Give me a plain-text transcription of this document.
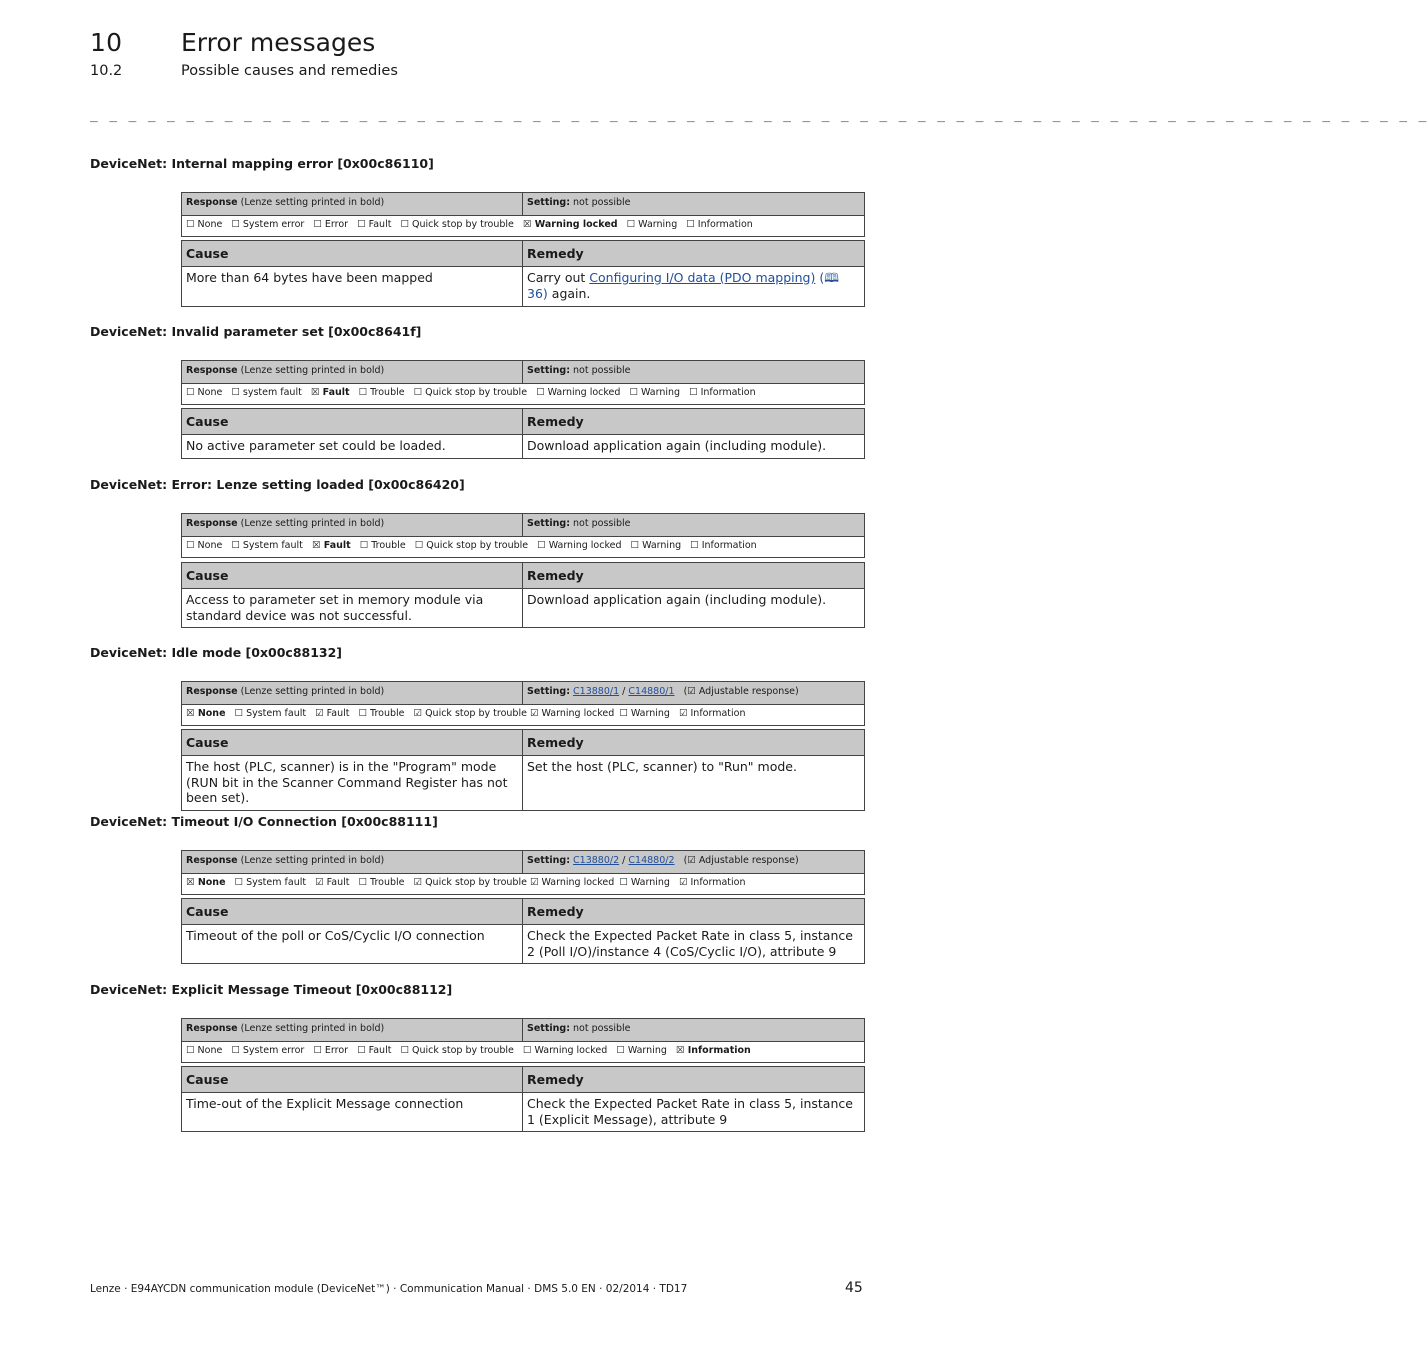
10 Error messages
10.2	Possible causes and remedies
_ _ _ _ _ _ _ _ _ _ _ _ _ _ _ _ _ _ _ _ _ _ _ _ _ _ _ _ _ _ _ _ _ _ _ _ _ _ _ _ _ _ _ _ _ _ _ _ _ _ _ _ _ _ _ _ _ _ _ _ _ _ _ _ _ _ _ _ _ _
DeviceNet: Internal mapping error [0x00c86110]
Response (Lenze setting printed in bold)	Setting: not possible
☐ None ☐ System error ☐ Error ☐ Fault ☐ Quick stop by trouble ☒ Warning locked ☐ Warning ☐ Information
Cause	Remedy
More than 64 bytes have been mapped	Carry out Configuring I/O data (PDO mapping) (🕮 36) again.
DeviceNet: Invalid parameter set [0x00c8641f]
Response (Lenze setting printed in bold)	Setting: not possible
☐ None ☐ system fault ☒ Fault ☐ Trouble ☐ Quick stop by trouble ☐ Warning locked ☐ Warning ☐ Information
Cause	Remedy
No active parameter set could be loaded.	Download application again (including module).
DeviceNet: Error: Lenze setting loaded [0x00c86420]
Response (Lenze setting printed in bold)	Setting: not possible
☐ None ☐ System fault ☒ Fault ☐ Trouble ☐ Quick stop by trouble ☐ Warning locked ☐ Warning ☐ Information
Cause	Remedy
Access to parameter set in memory module via standard device was not successful.	Download application again (including module).
DeviceNet: Idle mode [0x00c88132]
Response (Lenze setting printed in bold)	Setting: C13880/1 / C14880/1 (☑ Adjustable response)
☒ None ☐ System fault ☑ Fault ☐ Trouble ☑ Quick stop by trouble ☑ Warning locked ☐ Warning ☑ Information
Cause	Remedy
The host (PLC, scanner) is in the "Program" mode (RUN bit in the Scanner Command Register has not been set).	Set the host (PLC, scanner) to "Run" mode.
DeviceNet: Timeout I/O Connection [0x00c88111]
Response (Lenze setting printed in bold)	Setting: C13880/2 / C14880/2 (☑ Adjustable response)
☒ None ☐ System fault ☑ Fault ☐ Trouble ☑ Quick stop by trouble ☑ Warning locked ☐ Warning ☑ Information
Cause	Remedy
Timeout of the poll or CoS/Cyclic I/O connection	Check the Expected Packet Rate in class 5, instance 2 (Poll I/O)/instance 4 (CoS/Cyclic I/O), attribute 9
DeviceNet: Explicit Message Timeout [0x00c88112]
Response (Lenze setting printed in bold)	Setting: not possible
☐ None ☐ System error ☐ Error ☐ Fault ☐ Quick stop by trouble ☐ Warning locked ☐ Warning ☒ Information
Cause	Remedy
Time-out of the Explicit Message connection	Check the Expected Packet Rate in class 5, instance 1 (Explicit Message), attribute 9
Lenze · E94AYCDN communication module (DeviceNet™) · Communication Manual · DMS 5.0 EN · 02/2014 · TD17	45
